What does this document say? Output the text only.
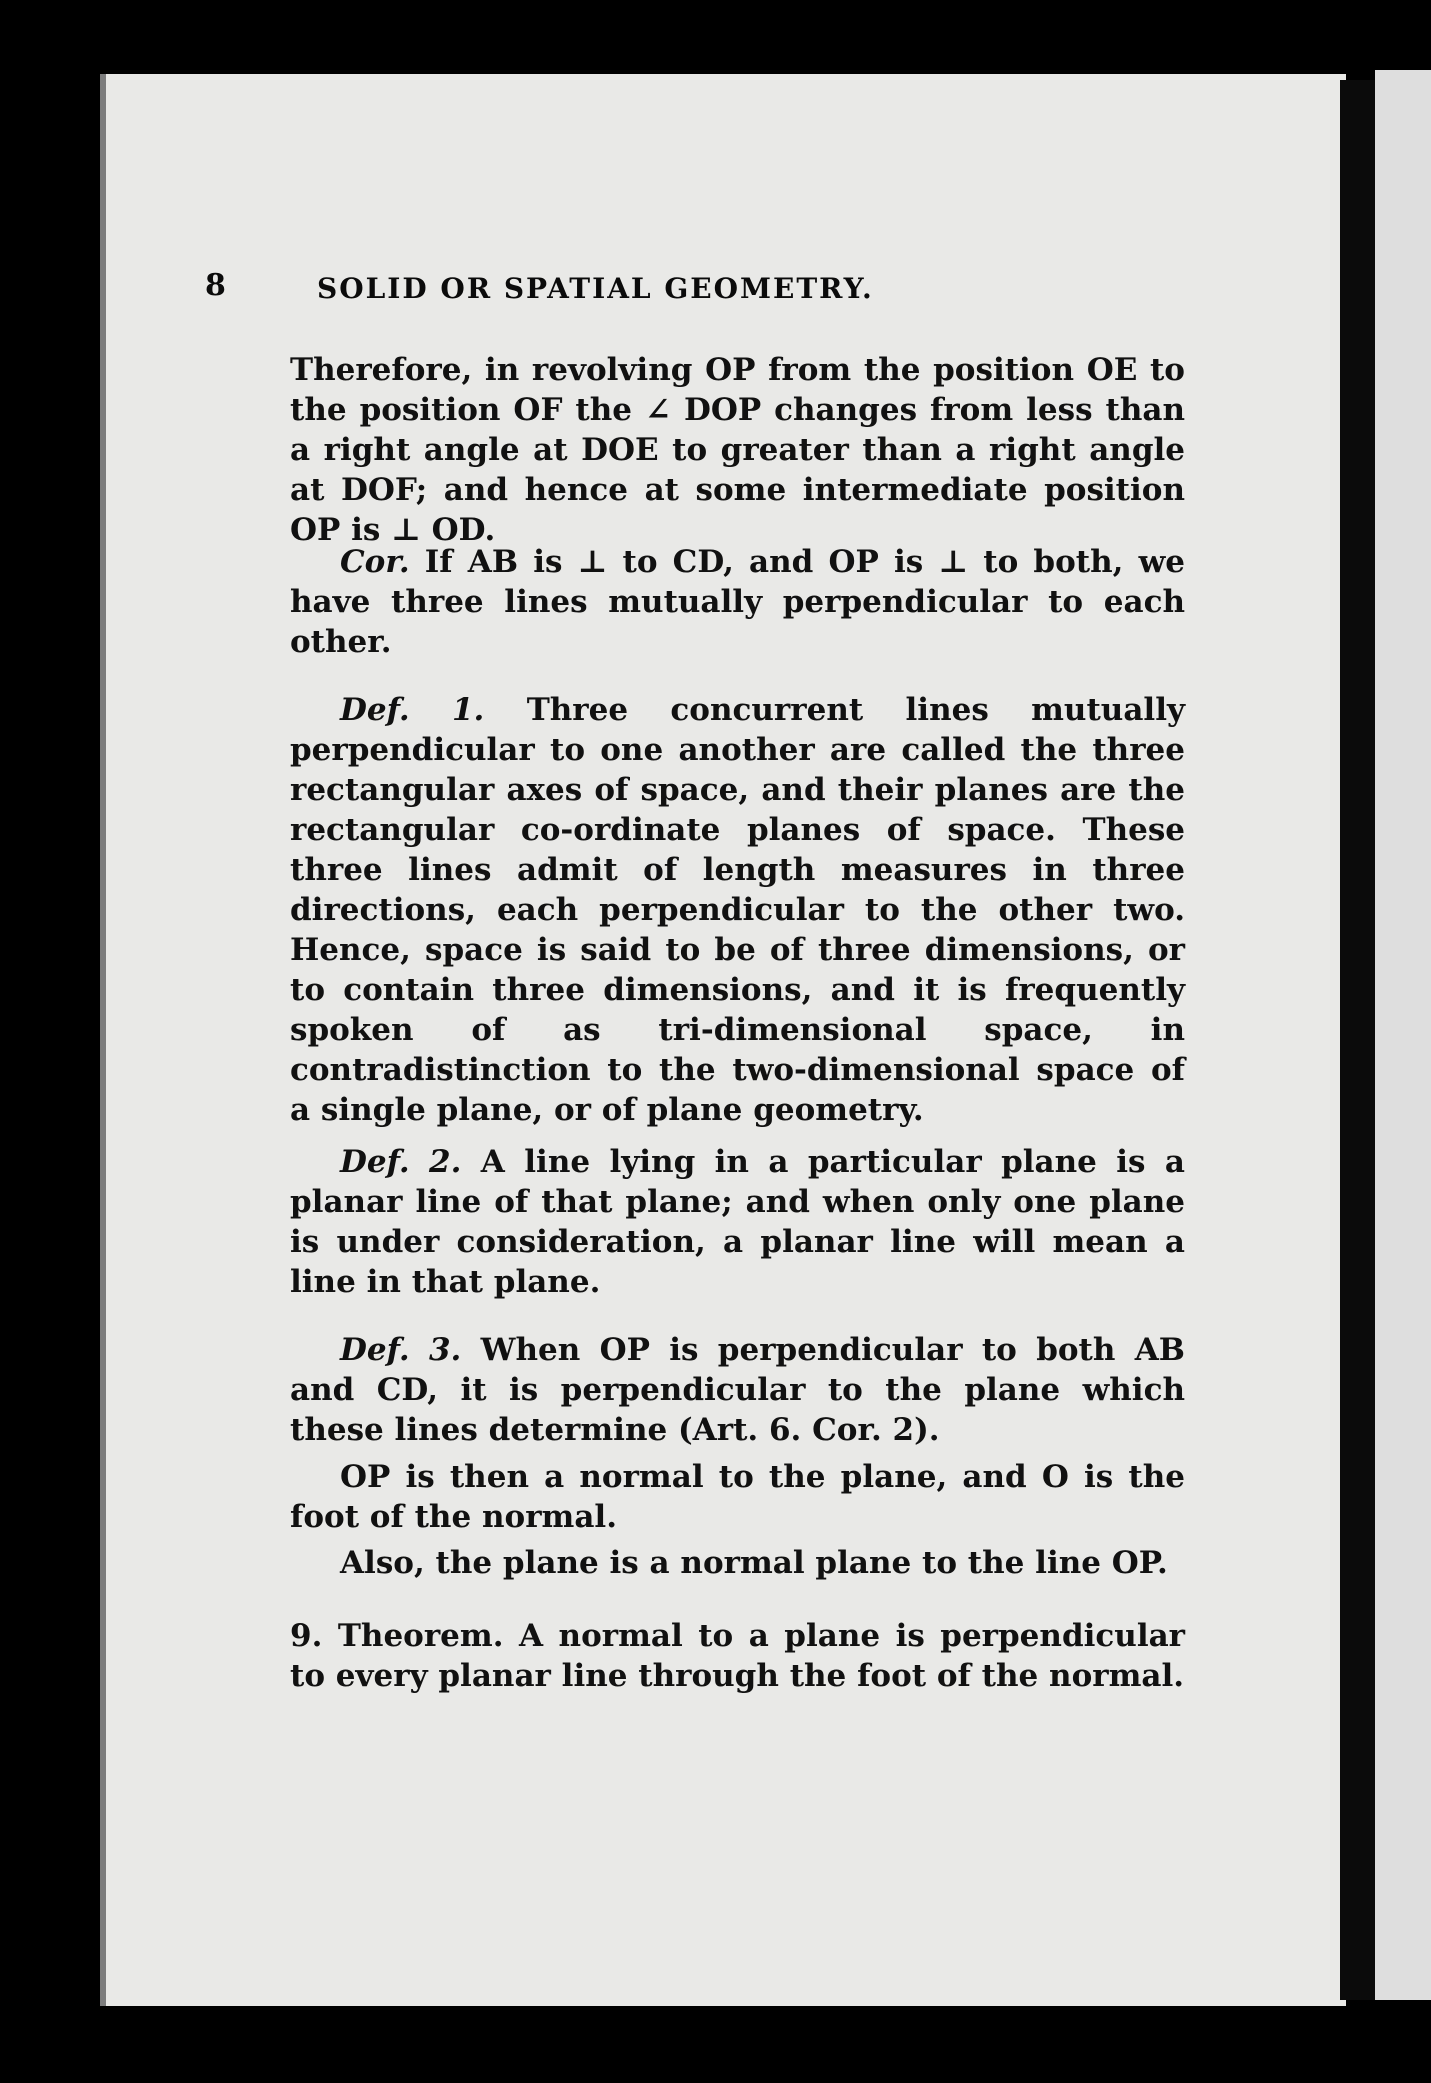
8	SOLID OR SPATIAL GEOMETRY.

Therefore, in revolving OP from the position OE to the position OF the ∠ DOP changes from less than a right angle at DOE to greater than a right angle at DOF; and hence at some intermediate position OP is ⊥ OD.

Cor. If AB is ⊥ to CD, and OP is ⊥ to both, we have three lines mutually perpendicular to each other.

Def. 1. Three concurrent lines mutually perpendicular to one another are called the three rectangular axes of space, and their planes are the rectangular co-ordinate planes of space. These three lines admit of length measures in three directions, each perpendicular to the other two. Hence, space is said to be of three dimensions, or to contain three dimensions, and it is frequently spoken of as tri-dimensional space, in contradistinction to the two-dimensional space of a single plane, or of plane geometry.

Def. 2. A line lying in a particular plane is a planar line of that plane; and when only one plane is under consideration, a planar line will mean a line in that plane.

Def. 3. When OP is perpendicular to both AB and CD, it is perpendicular to the plane which these lines determine (Art. 6. Cor. 2).

OP is then a normal to the plane, and O is the foot of the normal.

Also, the plane is a normal plane to the line OP.

9. Theorem. A normal to a plane is perpendicular to every planar line through the foot of the normal.
